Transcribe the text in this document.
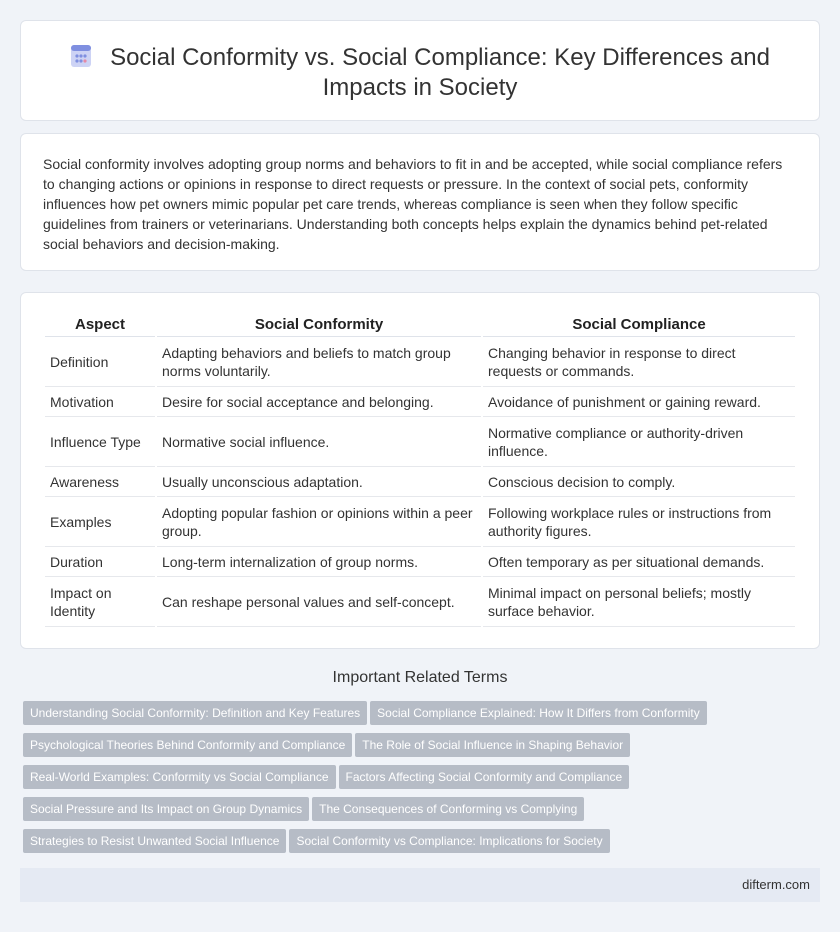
Social Conformity vs. Social Compliance: Key Differences and Impacts in Society

Social conformity involves adopting group norms and behaviors to fit in and be accepted, while social compliance refers to changing actions or opinions in response to direct requests or pressure. In the context of social pets, conformity influences how pet owners mimic popular pet care trends, whereas compliance is seen when they follow specific guidelines from trainers or veterinarians. Understanding both concepts helps explain the dynamics behind pet-related social behaviors and decision-making.

Aspect	Social Conformity	Social Compliance
Definition	Adapting behaviors and beliefs to match group norms voluntarily.	Changing behavior in response to direct requests or commands.
Motivation	Desire for social acceptance and belonging.	Avoidance of punishment or gaining reward.
Influence Type	Normative social influence.	Normative compliance or authority-driven influence.
Awareness	Usually unconscious adaptation.	Conscious decision to comply.
Examples	Adopting popular fashion or opinions within a peer group.	Following workplace rules or instructions from authority figures.
Duration	Long-term internalization of group norms.	Often temporary as per situational demands.
Impact on Identity	Can reshape personal values and self-concept.	Minimal impact on personal beliefs; mostly surface behavior.
Important Related Terms
Understanding Social Conformity: Definition and Key Features Social Compliance Explained: How It Differs from Conformity
Psychological Theories Behind Conformity and Compliance The Role of Social Influence in Shaping Behavior
Real-World Examples: Conformity vs Social Compliance Factors Affecting Social Conformity and Compliance
Social Pressure and Its Impact on Group Dynamics The Consequences of Conforming vs Complying
Strategies to Resist Unwanted Social Influence Social Conformity vs Compliance: Implications for Society
difterm.com
